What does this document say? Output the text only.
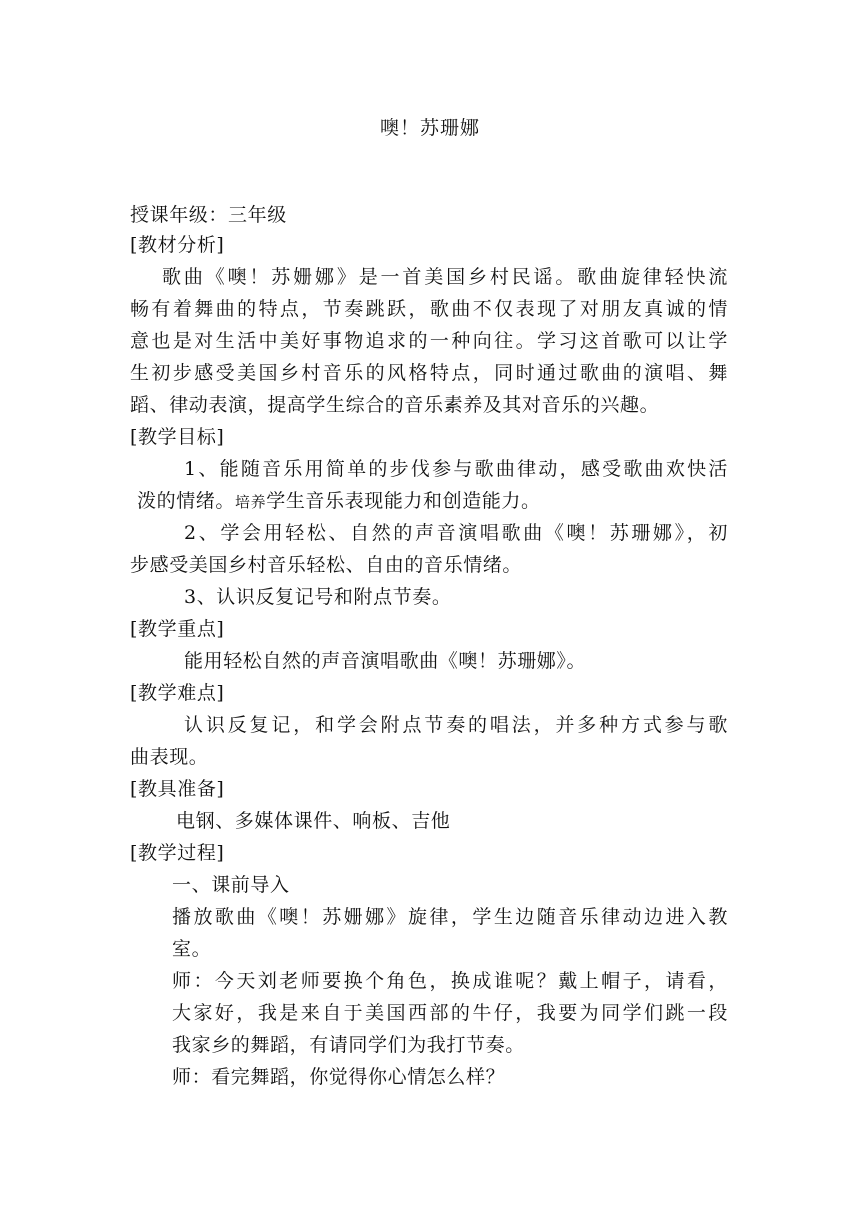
噢！苏珊娜
授课年级：三年级
[教材分析]
歌曲《噢！苏姗娜》是一首美国乡村民谣。歌曲旋律轻快流
畅有着舞曲的特点，节奏跳跃，歌曲不仅表现了对朋友真诚的情
意也是对生活中美好事物追求的一种向往。学习这首歌可以让学
生初步感受美国乡村音乐的风格特点，同时通过歌曲的演唱、舞
蹈、律动表演，提高学生综合的音乐素养及其对音乐的兴趣。
[教学目标]
1、能随音乐用简单的步伐参与歌曲律动，感受歌曲欢快活
泼的情绪。培养学生音乐表现能力和创造能力。
2、学会用轻松、自然的声音演唱歌曲《噢！苏珊娜》，初
步感受美国乡村音乐轻松、自由的音乐情绪。
3、认识反复记号和附点节奏。
[教学重点]
能用轻松自然的声音演唱歌曲《噢！苏珊娜》。
[教学难点]
认识反复记，和学会附点节奏的唱法，并多种方式参与歌
曲表现。
[教具准备]
电钢、多媒体课件、响板、吉他
[教学过程]
一、课前导入
播放歌曲《噢！苏姗娜》旋律，学生边随音乐律动边进入教
室。
师：今天刘老师要换个角色，换成谁呢？戴上帽子，请看，
大家好，我是来自于美国西部的牛仔，我要为同学们跳一段
我家乡的舞蹈，有请同学们为我打节奏。
师：看完舞蹈，你觉得你心情怎么样？
